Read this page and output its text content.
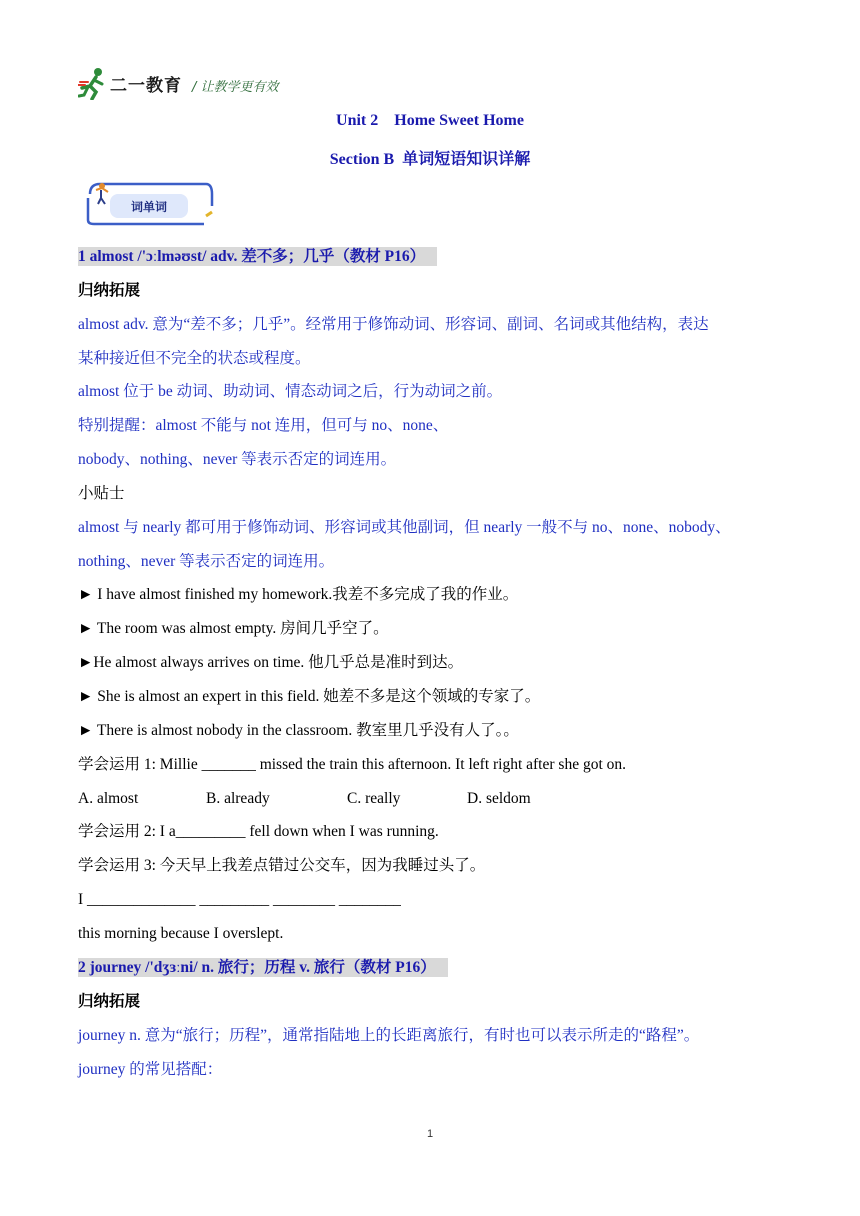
二一教育 / 让教学更有效
Unit 2    Home Sweet Home
Section B  单词短语知识详解
词单词
1 almost /'ɔːlməʊst/ adv. 差不多；几乎（教材 P16）
归纳拓展
almost adv. 意为“差不多；几乎”。经常用于修饰动词、形容词、副词、名词或其他结构，表达
某种接近但不完全的状态或程度。
almost 位于 be 动词、助动词、情态动词之后，行为动词之前。
特别提醒：almost 不能与 not 连用，但可与 no、none、
nobody、nothing、never 等表示否定的词连用。
小贴士
almost 与 nearly 都可用于修饰动词、形容词或其他副词，但 nearly 一般不与 no、none、nobody、
nothing、never 等表示否定的词连用。
► I have almost finished my homework.我差不多完成了我的作业。
► The room was almost empty. 房间几乎空了。
►He almost always arrives on time. 他几乎总是准时到达。
► She is almost an expert in this field. 她差不多是这个领域的专家了。
► There is almost nobody in the classroom. 教室里几乎没有人了。。
学会运用 1: Millie _______ missed the train this afternoon. It left right after she got on.
A. almost	B. already	C. really	D. seldom
学会运用 2: I a_________ fell down when I was running.
学会运用 3: 今天早上我差点错过公交车，因为我睡过头了。
I ______________ _________ ________ ________
this morning because I overslept.
2 journey /'dʒɜːni/ n. 旅行；历程 v. 旅行（教材 P16）
归纳拓展
journey n. 意为“旅行；历程”，通常指陆地上的长距离旅行，有时也可以表示所走的“路程”。
journey 的常见搭配：
1
